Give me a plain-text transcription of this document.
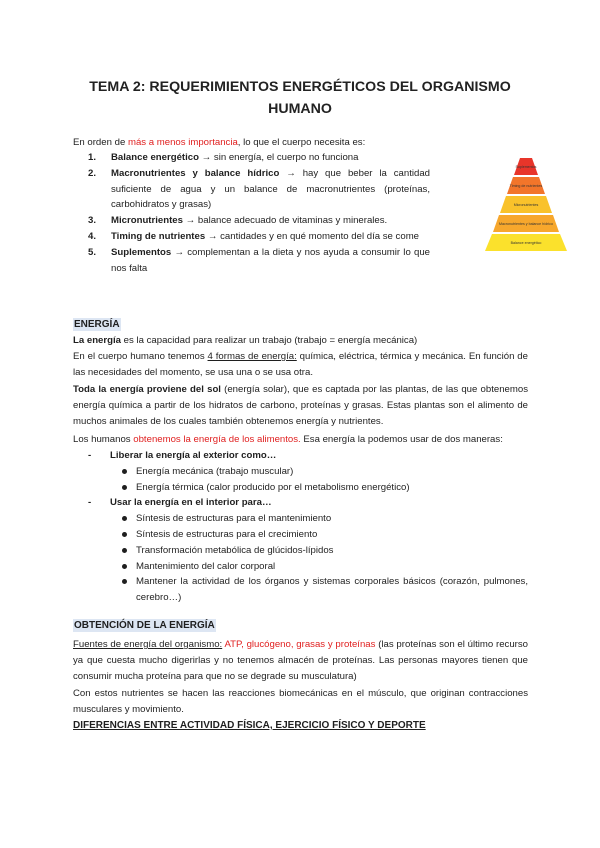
TEMA 2: REQUERIMIENTOS ENERGÉTICOS DEL ORGANISMO
HUMANO
En orden de más a menos importancia, lo que el cuerpo necesita es:
1. Balance energético → sin energía, el cuerpo no funciona
2. Macronutrientes y balance hídrico → hay que beber la cantidad suficiente de agua y un balance de macronutrientes (proteínas, carbohidratos y grasas)
3. Micronutrientes → balance adecuado de vitaminas y minerales.
4. Timing de nutrientes → cantidades y en qué momento del día se come
5. Suplementos → complementan a la dieta y nos ayuda a consumir lo que nos falta
Suplementos
Timing de nutrientes
Micronutrientes
Macronutrientes y balance hídrico
Balance energético
ENERGÍA
La energía es la capacidad para realizar un trabajo (trabajo = energía mecánica)
En el cuerpo humano tenemos 4 formas de energía: química, eléctrica, térmica y mecánica. En función de las necesidades del momento, se usa una o se usa otra.
Toda la energía proviene del sol (energía solar), que es captada por las plantas, de las que obtenemos energía química a partir de los hidratos de carbono, proteínas y grasas. Estas plantas son el alimento de muchos animales de los cuales también obtenemos energía y nutrientes.
Los humanos obtenemos la energía de los alimentos. Esa energía la podemos usar de dos maneras:
- Liberar la energía al exterior como…
Energía mecánica (trabajo muscular)
Energía térmica (calor producido por el metabolismo energético)
- Usar la energía en el interior para…
Síntesis de estructuras para el mantenimiento
Síntesis de estructuras para el crecimiento
Transformación metabólica de glúcidos-lípidos
Mantenimiento del calor corporal
Mantener la actividad de los órganos y sistemas corporales básicos (corazón, pulmones, cerebro…)
OBTENCIÓN DE LA ENERGÍA
Fuentes de energía del organismo: ATP, glucógeno, grasas y proteínas (las proteínas son el último recurso ya que cuesta mucho digerirlas y no tenemos almacén de proteínas. Las personas mayores tienen que consumir mucha proteína para que no se degrade su musculatura)
Con estos nutrientes se hacen las reacciones biomecánicas en el músculo, que originan contracciones musculares y movimiento.
DIFERENCIAS ENTRE ACTIVIDAD FÍSICA, EJERCICIO FÍSICO Y DEPORTE
